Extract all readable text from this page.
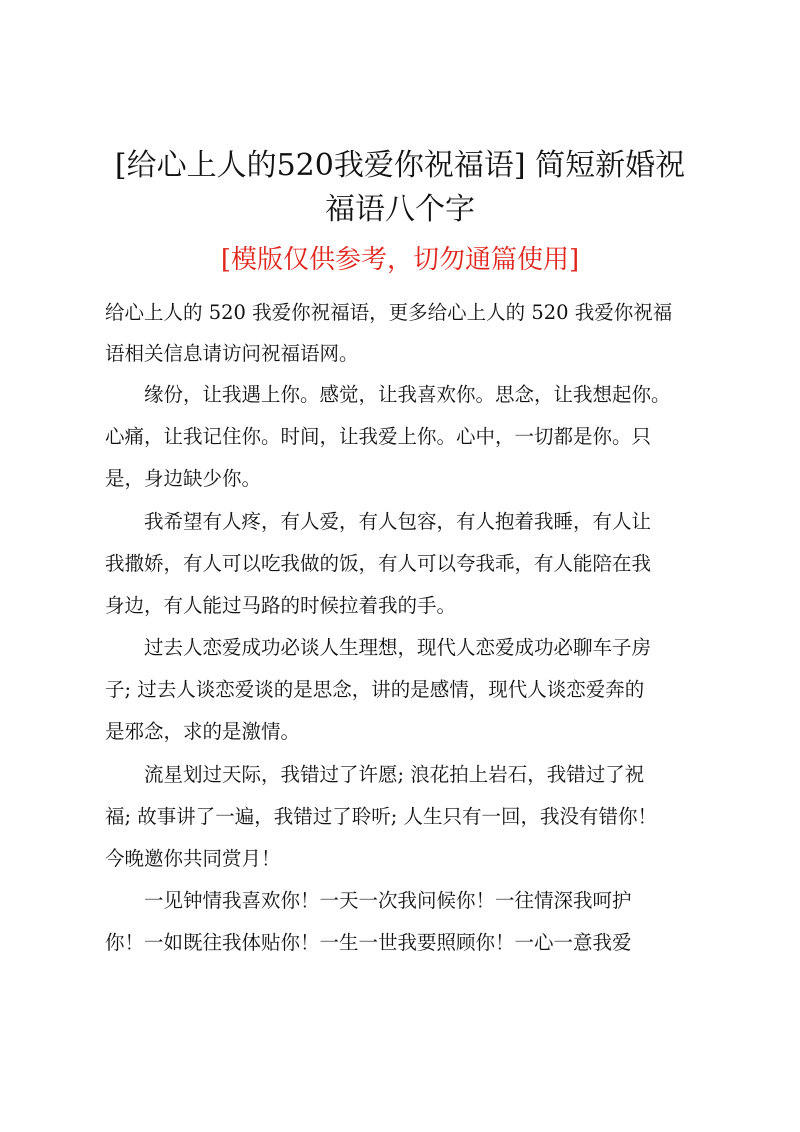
[给心上人的520我爱你祝福语] 简短新婚祝
福语八个字
[模版仅供参考，切勿通篇使用]
给心上人的 520 我爱你祝福语，更多给心上人的 520 我爱你祝福
语相关信息请访问祝福语网。
　　缘份，让我遇上你。感觉，让我喜欢你。思念，让我想起你。
心痛，让我记住你。时间，让我爱上你。心中，一切都是你。只
是，身边缺少你。
　　我希望有人疼，有人爱，有人包容，有人抱着我睡，有人让
我撒娇，有人可以吃我做的饭，有人可以夸我乖，有人能陪在我
身边，有人能过马路的时候拉着我的手。
　　过去人恋爱成功必谈人生理想，现代人恋爱成功必聊车子房
子; 过去人谈恋爱谈的是思念，讲的是感情，现代人谈恋爱奔的
是邪念，求的是激情。
　　流星划过天际，我错过了许愿; 浪花拍上岩石，我错过了祝
福; 故事讲了一遍，我错过了聆听; 人生只有一回，我没有错你！
今晚邀你共同赏月！
　　一见钟情我喜欢你！一天一次我问候你！一往情深我呵护
你！一如既往我体贴你！一生一世我要照顾你！一心一意我爱
